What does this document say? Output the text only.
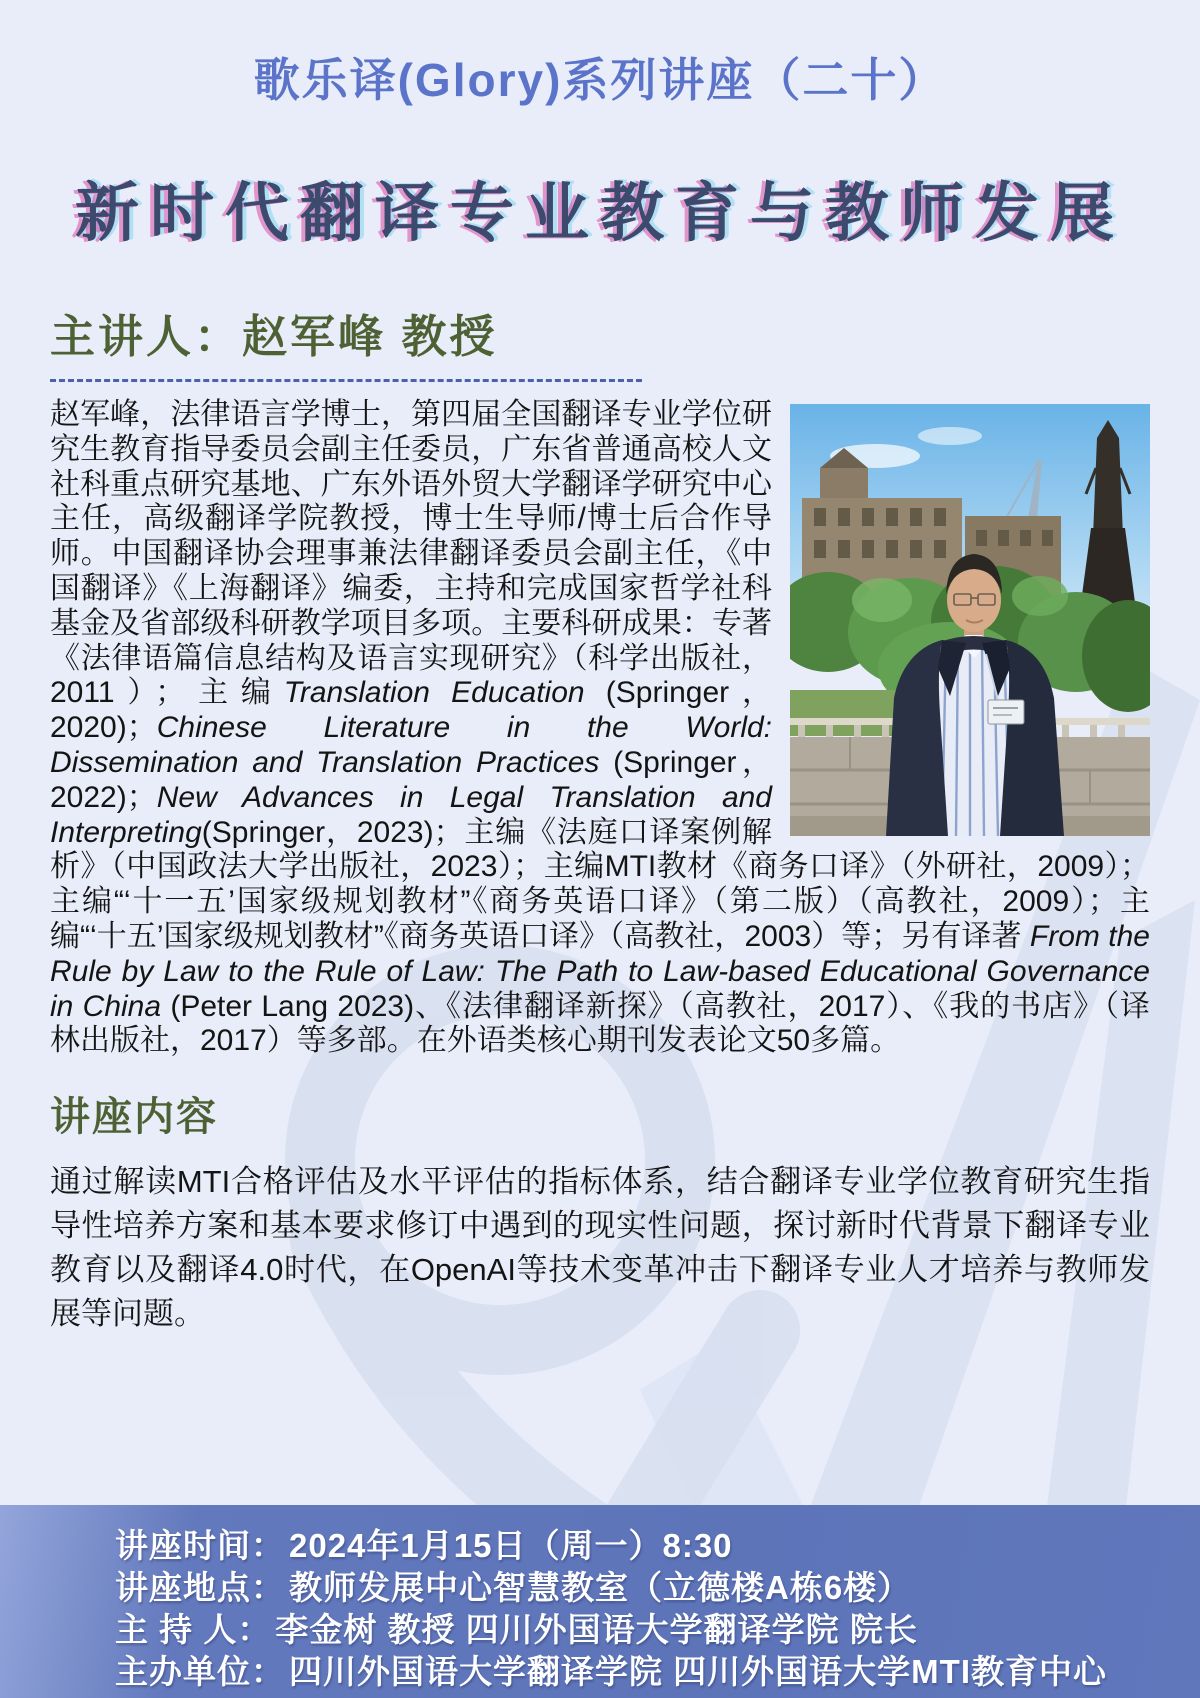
歌乐译(Glory)系列讲座（二十）
新时代翻译专业教育与教师发展
主讲人：赵军峰 教授

赵军峰，法律语言学博士，第四届全国翻译专业学位研究生教育指导委员会副主任委员，广东省普通高校人文社科重点研究基地、广东外语外贸大学翻译学研究中心主任，高级翻译学院教授，博士生导师/博士后合作导师。中国翻译协会理事兼法律翻译委员会副主任，《中国翻译》《上海翻译》编委，主持和完成国家哲学社科基金及省部级科研教学项目多项。主要科研成果：专著《法律语篇信息结构及语言实现研究》（科学出版社，2011）；主编Translation Education (Springer，2020)；Chinese Literature in the World: Dissemination and Translation Practices (Springer，2022)；New Advances in Legal Translation and Interpreting(Springer，2023)；主编《法庭口译案例解析》（中国政法大学出版社，2023）；主编MTI教材《商务口译》（外研社，2009）；主编“‘十一五’国家级规划教材”《商务英语口译》（第二版）（高教社，2009）；主编“‘十五’国家级规划教材”《商务英语口译》（高教社，2003）等；另有译著 From the Rule by Law to the Rule of Law: The Path to Law-based Educational Governance in China (Peter Lang 2023)、《法律翻译新探》（高教社，2017）、《我的书店》（译林出版社，2017）等多部。在外语类核心期刊发表论文50多篇。

讲座内容

通过解读MTI合格评估及水平评估的指标体系，结合翻译专业学位教育研究生指导性培养方案和基本要求修订中遇到的现实性问题，探讨新时代背景下翻译专业教育以及翻译4.0时代，在OpenAI等技术变革冲击下翻译专业人才培养与教师发展等问题。

讲座时间： 2024年1月15日（周一）8:30
讲座地点： 教师发展中心智慧教室（立德楼A栋6楼）
主 持 人： 李金树 教授 四川外国语大学翻译学院 院长
主办单位： 四川外国语大学翻译学院 四川外国语大学MTI教育中心
